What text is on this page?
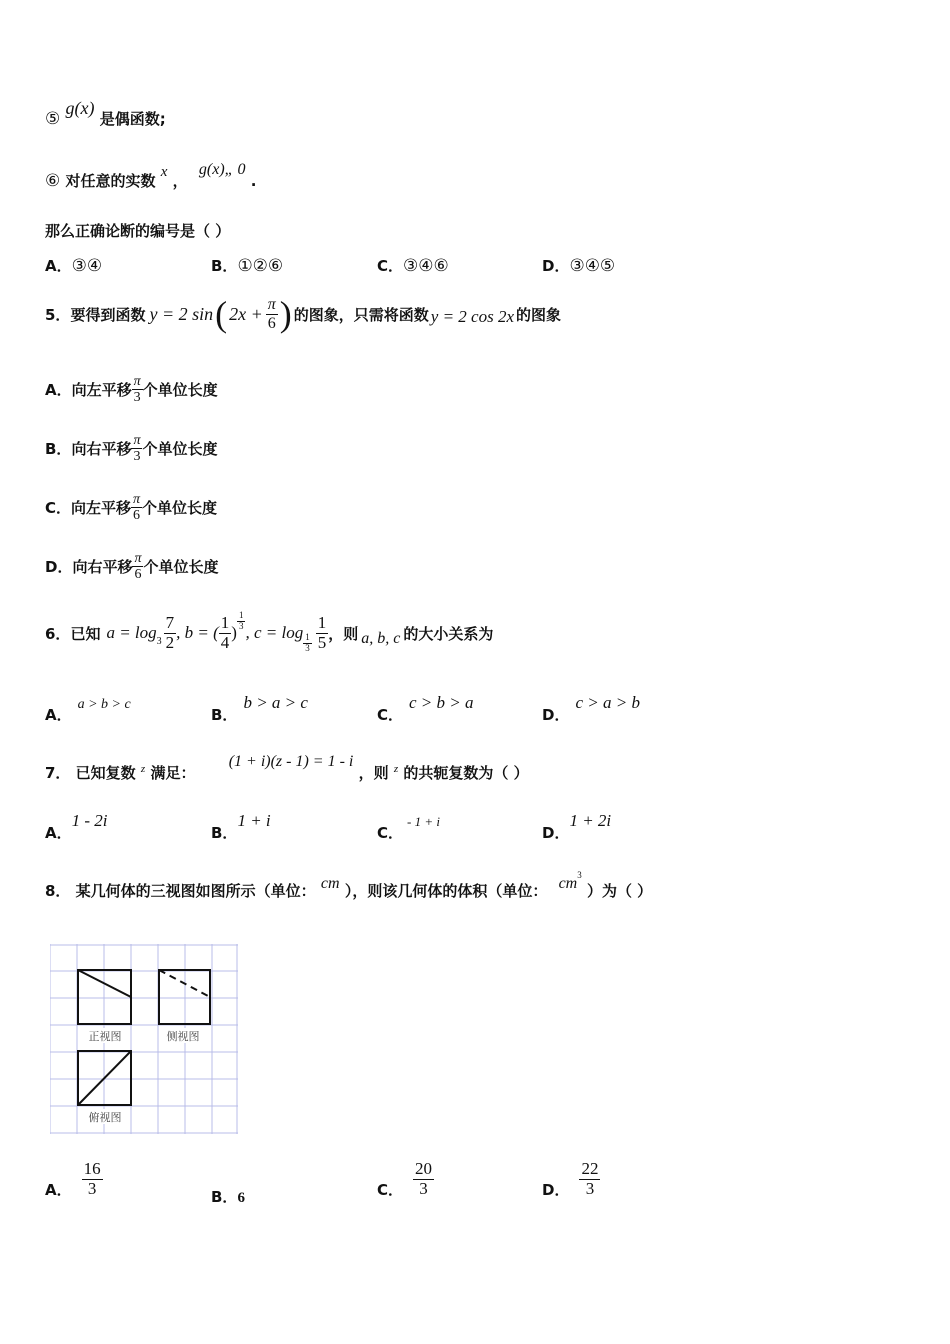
⑤ g(x) 是偶函数;
⑥ 对任意的实数 x ， g(x)„ 0 .
那么正确论断的编号是（ ）
A．③④	B．①②⑥	C．③④⑥	D．③④⑤
5． 要得到函数 y = 2 sin ( $2x + \frac{\pi}{6}$ ) 的图象，只需将函数 y = 2 cos 2x 的图象
A． 向左平移 $\frac{\pi}{3}$ 个单位长度
B． 向右平移 $\frac{\pi}{3}$ 个单位长度
C． 向左平移 $\frac{\pi}{6}$ 个单位长度
D． 向右平移 $\frac{\pi}{6}$ 个单位长度
6． 已知 $a = \log 3 \frac{7}{2}$ , b = ( $\frac{1}{4}$ )
$\frac{1}{3}$
, c = log
$\frac{1}{3} \frac{1}{5}$ ，则 a, b, c 的大小关系为
A．a > b > c
B．b > a > c
C．c > b > a
D．c > a > b
7． 已知复数 $^z$ 满足： (1 + i)(z - 1) = 1 - i ，则 $^z$ 的共轭复数为（ ）
A．1 - 2i
B．1 + i
C．- 1 + i
D．1 + 2i
8． 某几何体的三视图如图所示（单位： cm ），则该几何体的体积（单位： $cm^3$ ）为（ ）
正视图	侧视图
俯视图
A． $\frac{16}{3}$	B．6	C． $\frac{20}{3}$	D． $\frac{22}{3}$
